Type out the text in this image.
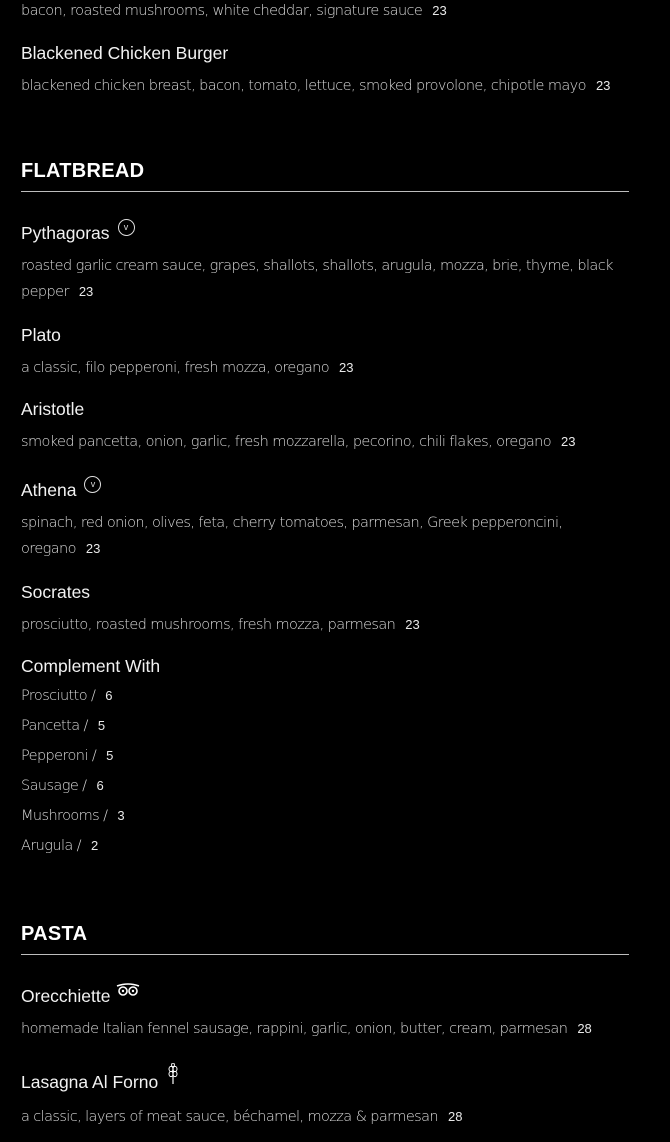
bacon, roasted mushrooms, white cheddar, signature sauce 23
Blackened Chicken Burger
blackened chicken breast, bacon, tomato, lettuce, smoked provolone, chipotle mayo 23
FLATBREAD
Pythagoras	v
roasted garlic cream sauce, grapes, shallots, shallots, arugula, mozza, brie, thyme, black pepper 23
Plato
a classic, filo pepperoni, fresh mozza, oregano 23
Aristotle
smoked pancetta, onion, garlic, fresh mozzarella, pecorino, chili flakes, oregano 23
Athena	v
spinach, red onion, olives, feta, cherry tomatoes, parmesan, Greek pepperoncini, oregano 23
Socrates
prosciutto, roasted mushrooms, fresh mozza, parmesan 23
Complement With
Prosciutto / 6
Pancetta / 5
Pepperoni / 5
Sausage / 6
Mushrooms / 3
Arugula / 2
PASTA
Orecchiette
homemade Italian fennel sausage, rappini, garlic, onion, butter, cream, parmesan 28
Lasagna Al Forno
a classic, layers of meat sauce, béchamel, mozza & parmesan 28
